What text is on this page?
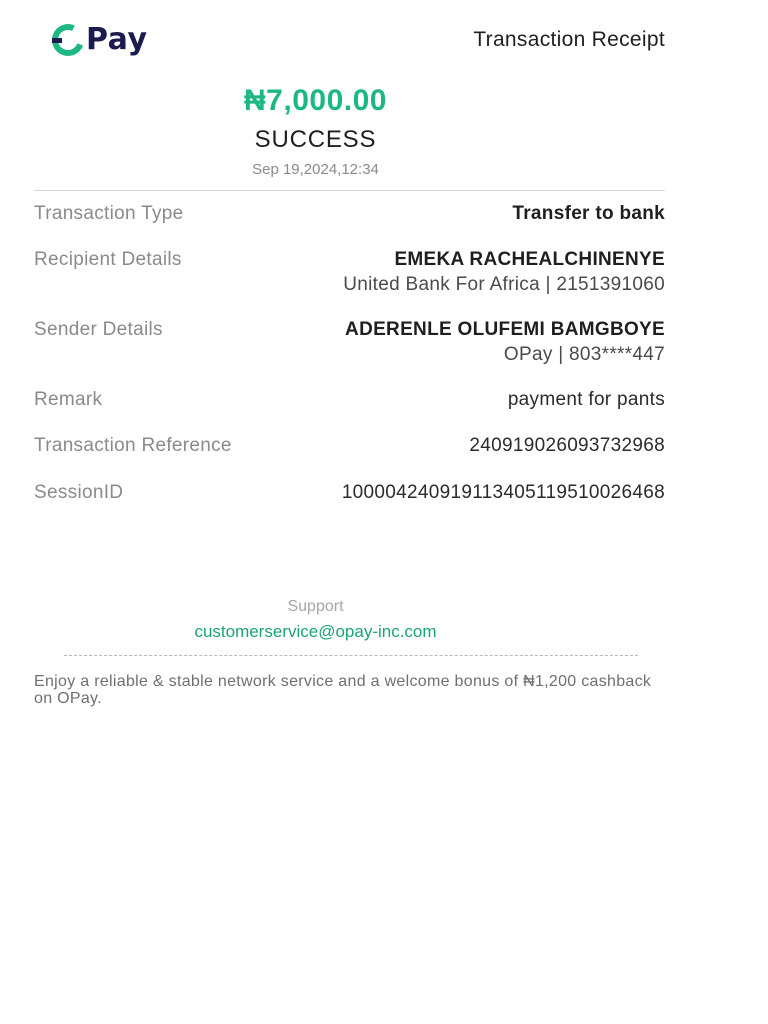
Pay	Transaction Receipt
₦7,000.00
SUCCESS
Sep 19,2024,12:34
Transaction Type	Transfer to bank
Recipient Details	EMEKA RACHEALCHINENYE
United Bank For Africa | 2151391060
Sender Details	ADERENLE OLUFEMI BAMGBOYE
OPay | 803****447
Remark	payment for pants
Transaction Reference	240919026093732968
SessionID	100004240919113405119510026468
Support
customerservice@opay-inc.com
Enjoy a reliable & stable network service and a welcome bonus of ₦1,200 cashback on OPay.
